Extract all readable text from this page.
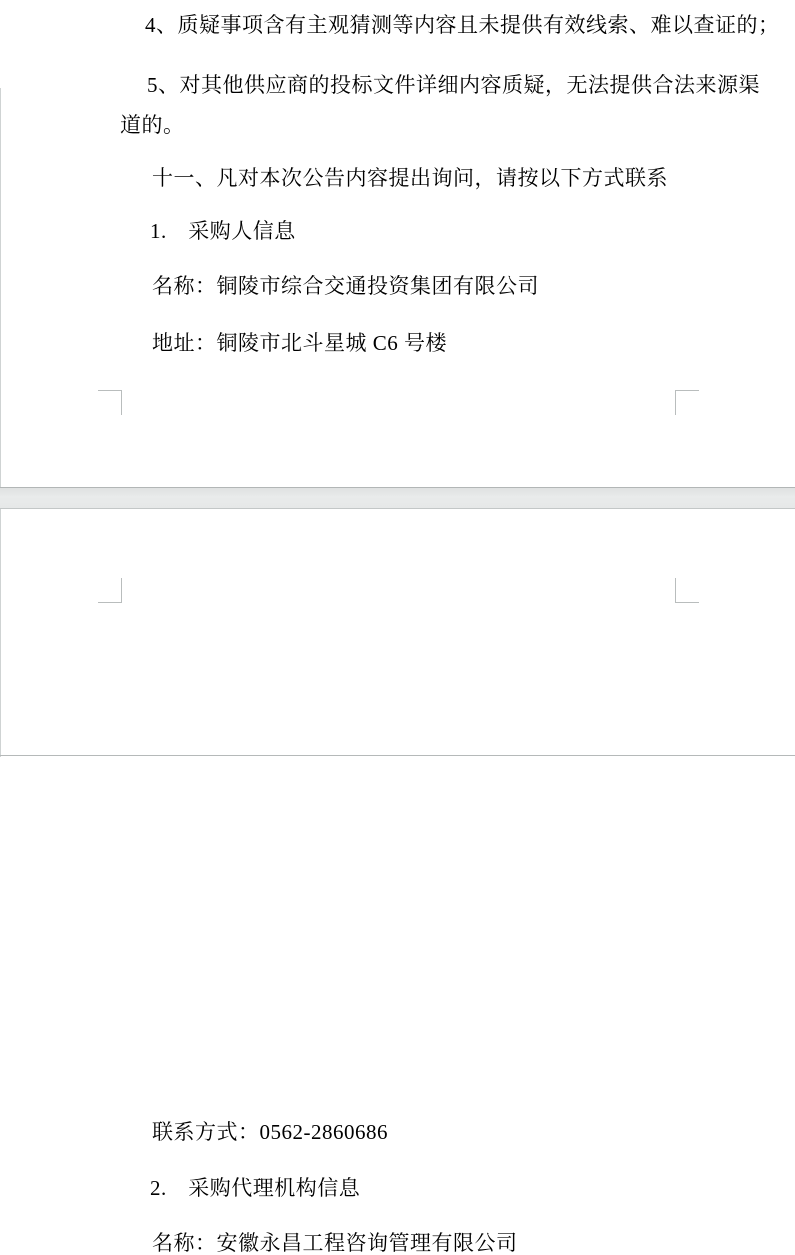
4、质疑事项含有主观猜测等内容且未提供有效线索、难以查证的；
5、对其他供应商的投标文件详细内容质疑，无法提供合法来源渠
道的。
十一、凡对本次公告内容提出询问，请按以下方式联系
1.　采购人信息
名称：铜陵市综合交通投资集团有限公司
地址：铜陵市北斗星城 C6 号楼
联系方式：0562-2860686
2.　采购代理机构信息
名称：安徽永昌工程咨询管理有限公司
